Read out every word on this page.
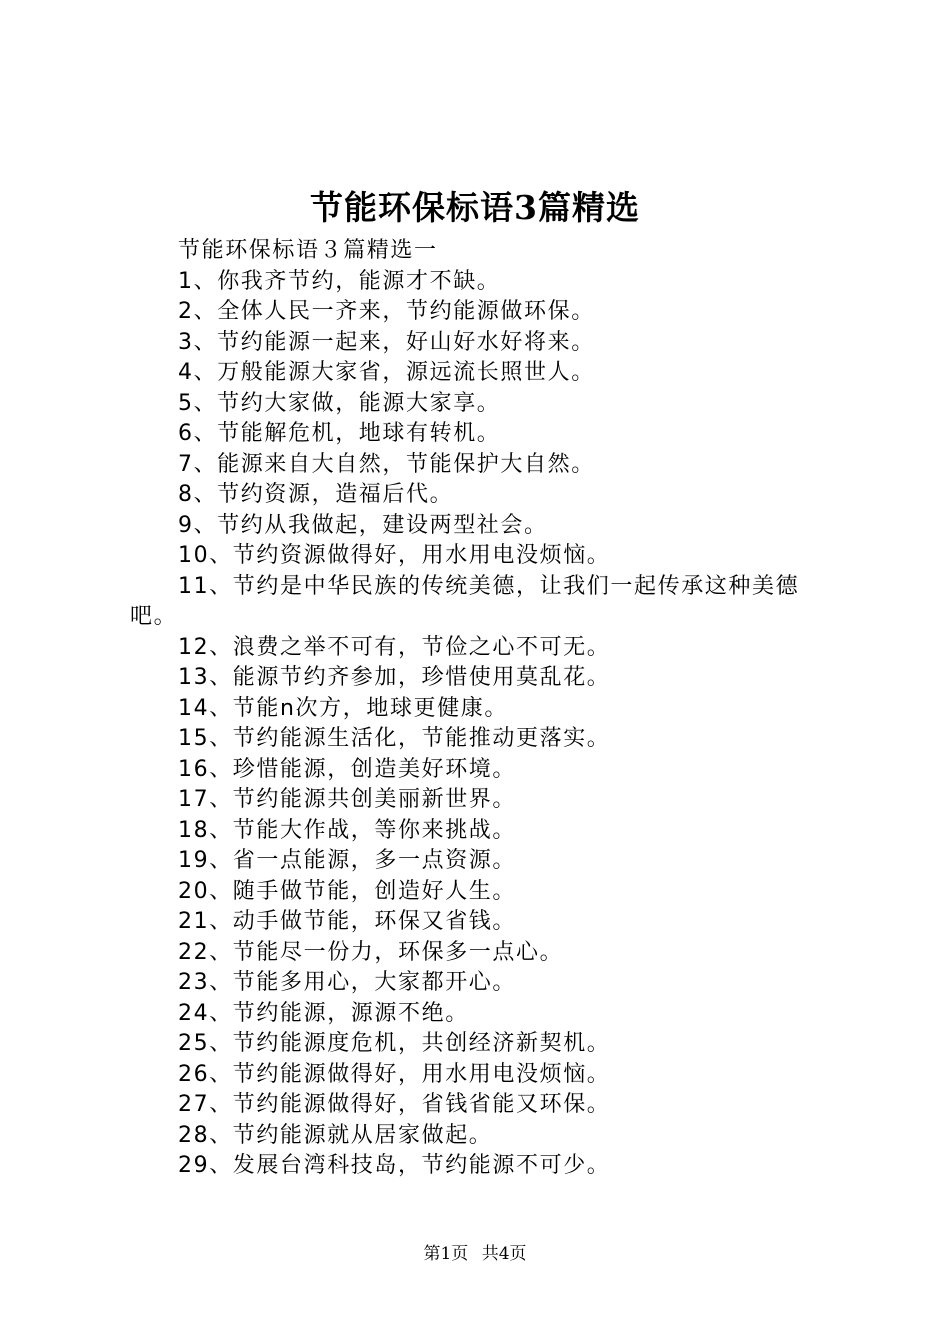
节能环保标语3篇精选

节能环保标语３篇精选一

1、你我齐节约，能源才不缺。

2、全体人民一齐来，节约能源做环保。

3、节约能源一起来，好山好水好将来。

4、万般能源大家省，源远流长照世人。

5、节约大家做，能源大家享。

6、节能解危机，地球有转机。

7、能源来自大自然，节能保护大自然。

8、节约资源，造福后代。

9、节约从我做起，建设两型社会。

10、节约资源做得好，用水用电没烦恼。

11、节约是中华民族的传统美德，让我们一起传承这种美德吧。

12、浪费之举不可有，节俭之心不可无。

13、能源节约齐参加，珍惜使用莫乱花。

14、节能n次方，地球更健康。

15、节约能源生活化，节能推动更落实。

16、珍惜能源，创造美好环境。

17、节约能源共创美丽新世界。

18、节能大作战，等你来挑战。

19、省一点能源，多一点资源。

20、随手做节能，创造好人生。

21、动手做节能，环保又省钱。

22、节能尽一份力，环保多一点心。

23、节能多用心，大家都开心。

24、节约能源，源源不绝。

25、节约能源度危机，共创经济新契机。

26、节约能源做得好，用水用电没烦恼。

27、节约能源做得好，省钱省能又环保。

28、节约能源就从居家做起。

29、发展台湾科技岛，节约能源不可少。

第1页 共4页
